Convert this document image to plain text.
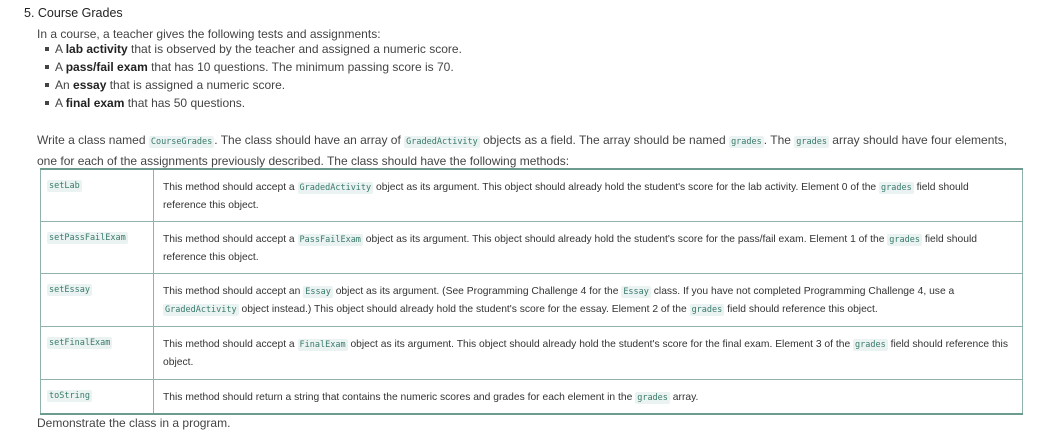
5. Course Grades
In a course, a teacher gives the following tests and assignments:
A lab activity that is observed by the teacher and assigned a numeric score.
A pass/fail exam that has 10 questions. The minimum passing score is 70.
An essay that is assigned a numeric score.
A final exam that has 50 questions.
Write a class named CourseGrades . The class should have an array of GradedActivity objects as a field. The array should be named grades . The grades array should have four elements, one for each of the assignments previously described. The class should have the following methods:
setLab	This method should accept a GradedActivity object as its argument. This object should already hold the student's score for the lab activity. Element 0 of the grades field should reference this object.
setPassFailExam	This method should accept a PassFailExam object as its argument. This object should already hold the student's score for the pass/fail exam. Element 1 of the grades field should reference this object.
setEssay	This method should accept an Essay object as its argument. (See Programming Challenge 4 for the Essay class. If you have not completed Programming Challenge 4, use a GradedActivity object instead.) This object should already hold the student's score for the essay. Element 2 of the grades field should reference this object.
setFinalExam	This method should accept a FinalExam object as its argument. This object should already hold the student's score for the final exam. Element 3 of the grades field should reference this object.
toString	This method should return a string that contains the numeric scores and grades for each element in the grades array.
Demonstrate the class in a program.
